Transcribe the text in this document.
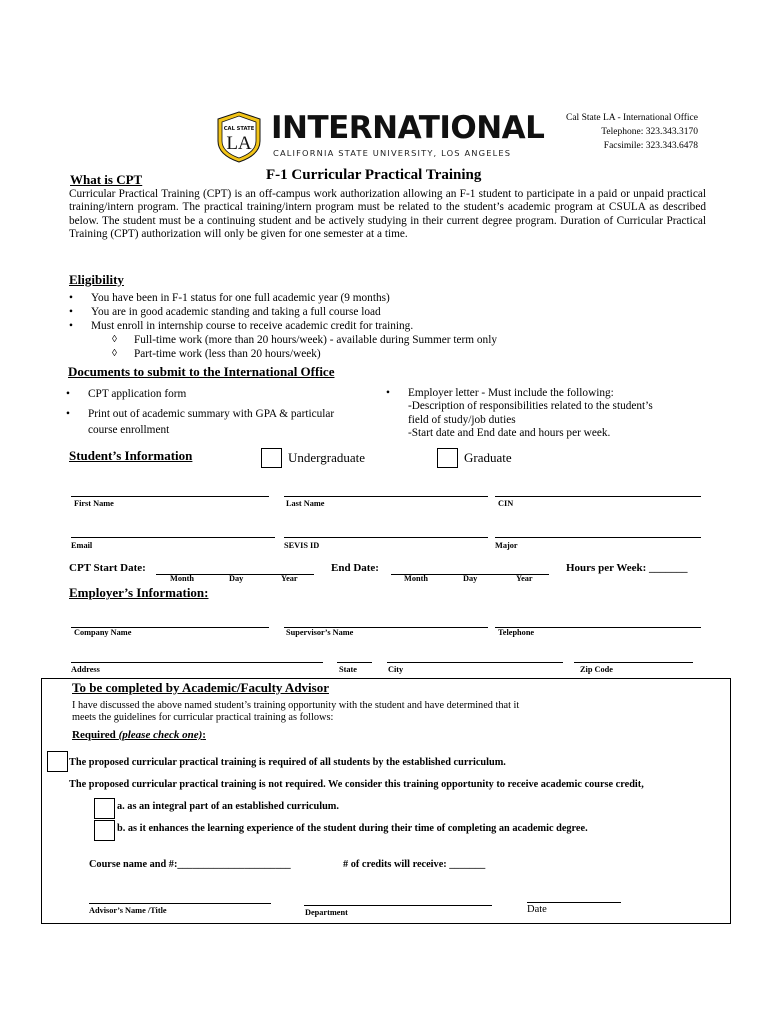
CAL STATE
LA INTERNATIONAL
CALIFORNIA STATE UNIVERSITY, LOS ANGELES
Cal State LA - International Office
Telephone: 323.343.3170
Facsimile: 323.343.6478
F-1 Curricular Practical Training
What is CPT
Curricular Practical Training (CPT) is an off-campus work authorization allowing an F-1 student to participate in a paid or unpaid practical training/intern program. The practical training/intern program must be related to the student’s academic program at CSULA as described below. The student must be a continuing student and be actively studying in their current degree program. Duration of Curricular Practical Training (CPT) authorization will only be given for one semester at a time.
Eligibility
• You have been in F-1 status for one full academic year (9 months)
• You are in good academic standing and taking a full course load
• Must enroll in internship course to receive academic credit for training.
◊ Full-time work (more than 20 hours/week) - available during Summer term only
◊ Part-time work (less than 20 hours/week)
Documents to submit to the International Office
• CPT application form
• Print out of academic summary with GPA & particular course enrollment
• Employer letter - Must include the following:
-Description of responsibilities related to the student’s
field of study/job duties
-Start date and End date and hours per week.
Student’s Information	Undergraduate	Graduate
First Name	Last Name	CIN
Email	SEVIS ID	Major
CPT Start Date:
Month	Day	Year
End Date:
Month	Day	Year
Hours per Week: _______
Employer’s Information:
Company Name	Supervisor’s Name	Telephone
Address	State	City	Zip Code
To be completed by Academic/Faculty Advisor
I have discussed the above named student’s training opportunity with the student and have determined that it
meets the guidelines for curricular practical training as follows:
Required (please check one):
The proposed curricular practical training is required of all students by the established curriculum.
The proposed curricular practical training is not required. We consider this training opportunity to receive academic course credit,
a. as an integral part of an established curriculum.
b. as it enhances the learning experience of the student during their time of completing an academic degree.
Course name and #:______________________	# of credits will receive: _______
Advisor’s Name /Title	Department	Date
